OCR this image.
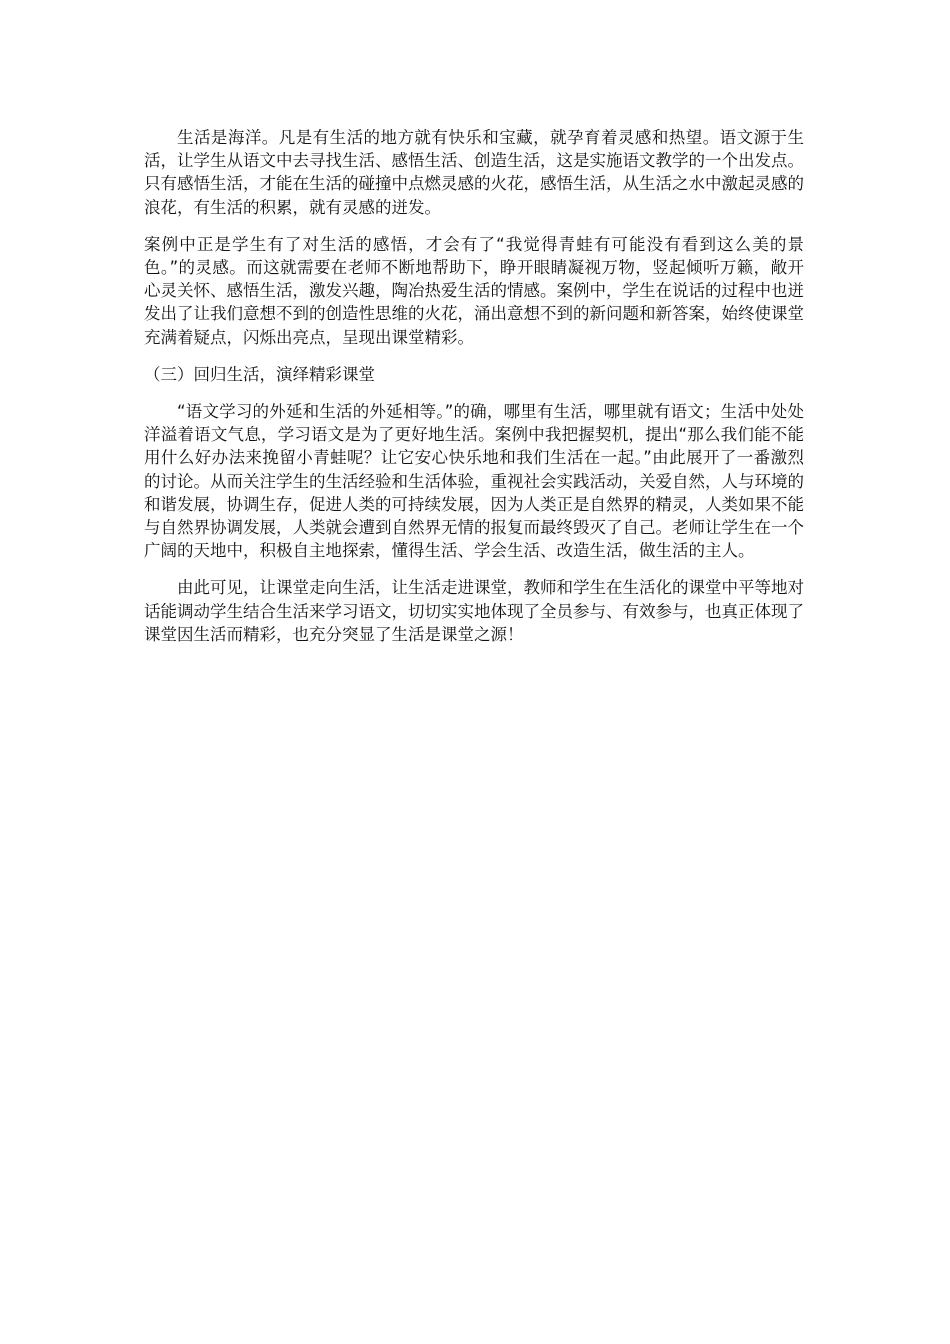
生活是海洋。凡是有生活的地方就有快乐和宝藏，就孕育着灵感和热望。语文源于生活，让学生从语文中去寻找生活、感悟生活、创造生活，这是实施语文教学的一个出发点。只有感悟生活，才能在生活的碰撞中点燃灵感的火花，感悟生活，从生活之水中激起灵感的浪花，有生活的积累，就有灵感的迸发。

案例中正是学生有了对生活的感悟，才会有了“我觉得青蛙有可能没有看到这么美的景色。”的灵感。而这就需要在老师不断地帮助下，睁开眼睛凝视万物，竖起倾听万籁，敞开心灵关怀、感悟生活，激发兴趣，陶冶热爱生活的情感。案例中，学生在说话的过程中也迸发出了让我们意想不到的创造性思维的火花，涌出意想不到的新问题和新答案，始终使课堂充满着疑点，闪烁出亮点，呈现出课堂精彩。

（三）回归生活，演绎精彩课堂

“语文学习的外延和生活的外延相等。”的确，哪里有生活，哪里就有语文；生活中处处洋溢着语文气息，学习语文是为了更好地生活。案例中我把握契机，提出“那么我们能不能用什么好办法来挽留小青蛙呢？让它安心快乐地和我们生活在一起。”由此展开了一番激烈的讨论。从而关注学生的生活经验和生活体验，重视社会实践活动，关爱自然，人与环境的和谐发展，协调生存，促进人类的可持续发展，因为人类正是自然界的精灵，人类如果不能与自然界协调发展，人类就会遭到自然界无情的报复而最终毁灭了自己。老师让学生在一个广阔的天地中，积极自主地探索，懂得生活、学会生活、改造生活，做生活的主人。

由此可见，让课堂走向生活，让生活走进课堂，教师和学生在生活化的课堂中平等地对话能调动学生结合生活来学习语文，切切实实地体现了全员参与、有效参与，也真正体现了课堂因生活而精彩，也充分突显了生活是课堂之源！
